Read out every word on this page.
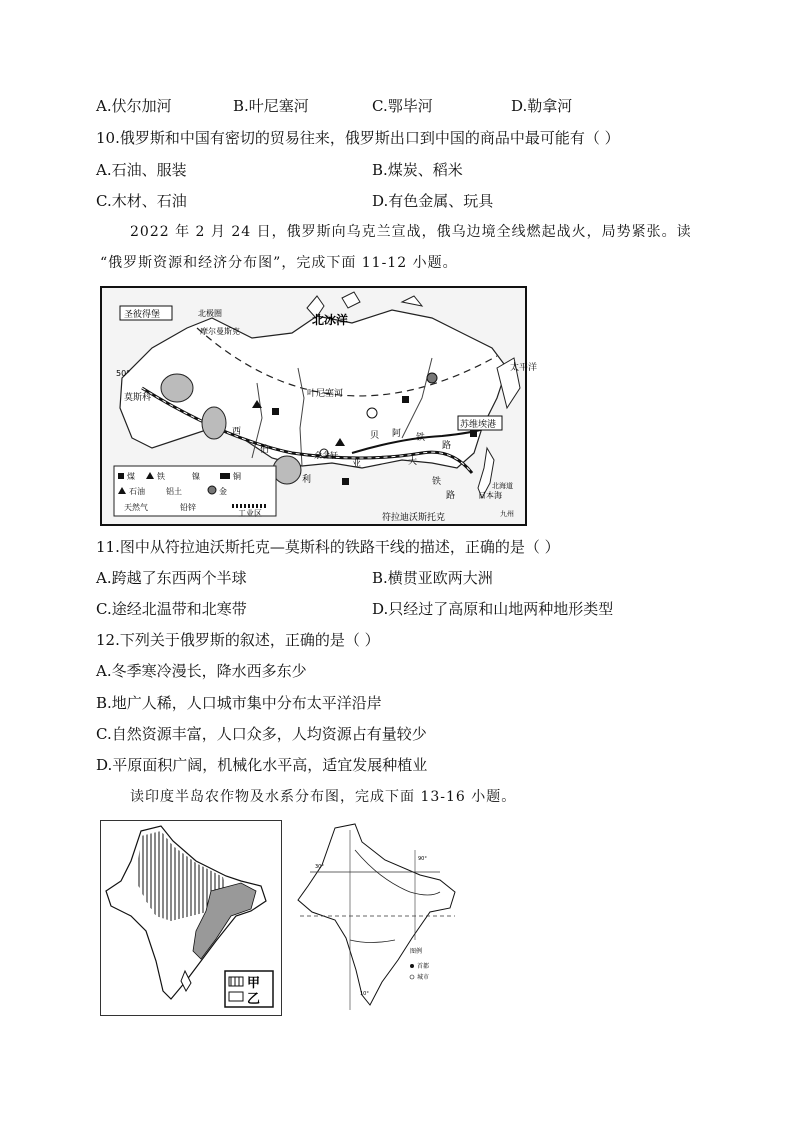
A.伏尔加河	B.叶尼塞河	C.鄂毕河	D.勒拿河
10.俄罗斯和中国有密切的贸易往来，俄罗斯出口到中国的商品中最可能有（ ）
A.石油、服装	B.煤炭、稻米
C.木材、石油	D.有色金属、玩具
2022 年 2 月 24 日，俄罗斯向乌克兰宣战，俄乌边境全线燃起战火，局势紧张。读
“俄罗斯资源和经济分布图”，完成下面 11-12 小题。
圣彼得堡	北极圈
摩尔曼斯克
北冰洋
50°
莫斯科	叶尼塞河
苏维埃港
太平洋
日本海
北海道
九州
符拉迪沃斯托克
余舍轩
西
伯
利
亚
贝 阿 铁
路
大
铁
路
煤	铁	镍	铜
石油	铝土	金
天然气	铅锌
工业区
11.图中从符拉迪沃斯托克—莫斯科的铁路干线的描述，正确的是（ ）
A.跨越了东西两个半球	B.横贯亚欧两大洲
C.途经北温带和北寒带	D.只经过了高原和山地两种地形类型
12.下列关于俄罗斯的叙述，正确的是（ ）
A.冬季寒冷漫长，降水西多东少
B.地广人稀，人口城市集中分布太平洋沿岸
C.自然资源丰富，人口众多，人均资源占有量较少
D.平原面积广阔，机械化水平高，适宜发展种植业
读印度半岛农作物及水系分布图，完成下面 13-16 小题。
甲
乙
30°
90°
10°
图例
首都
城市
